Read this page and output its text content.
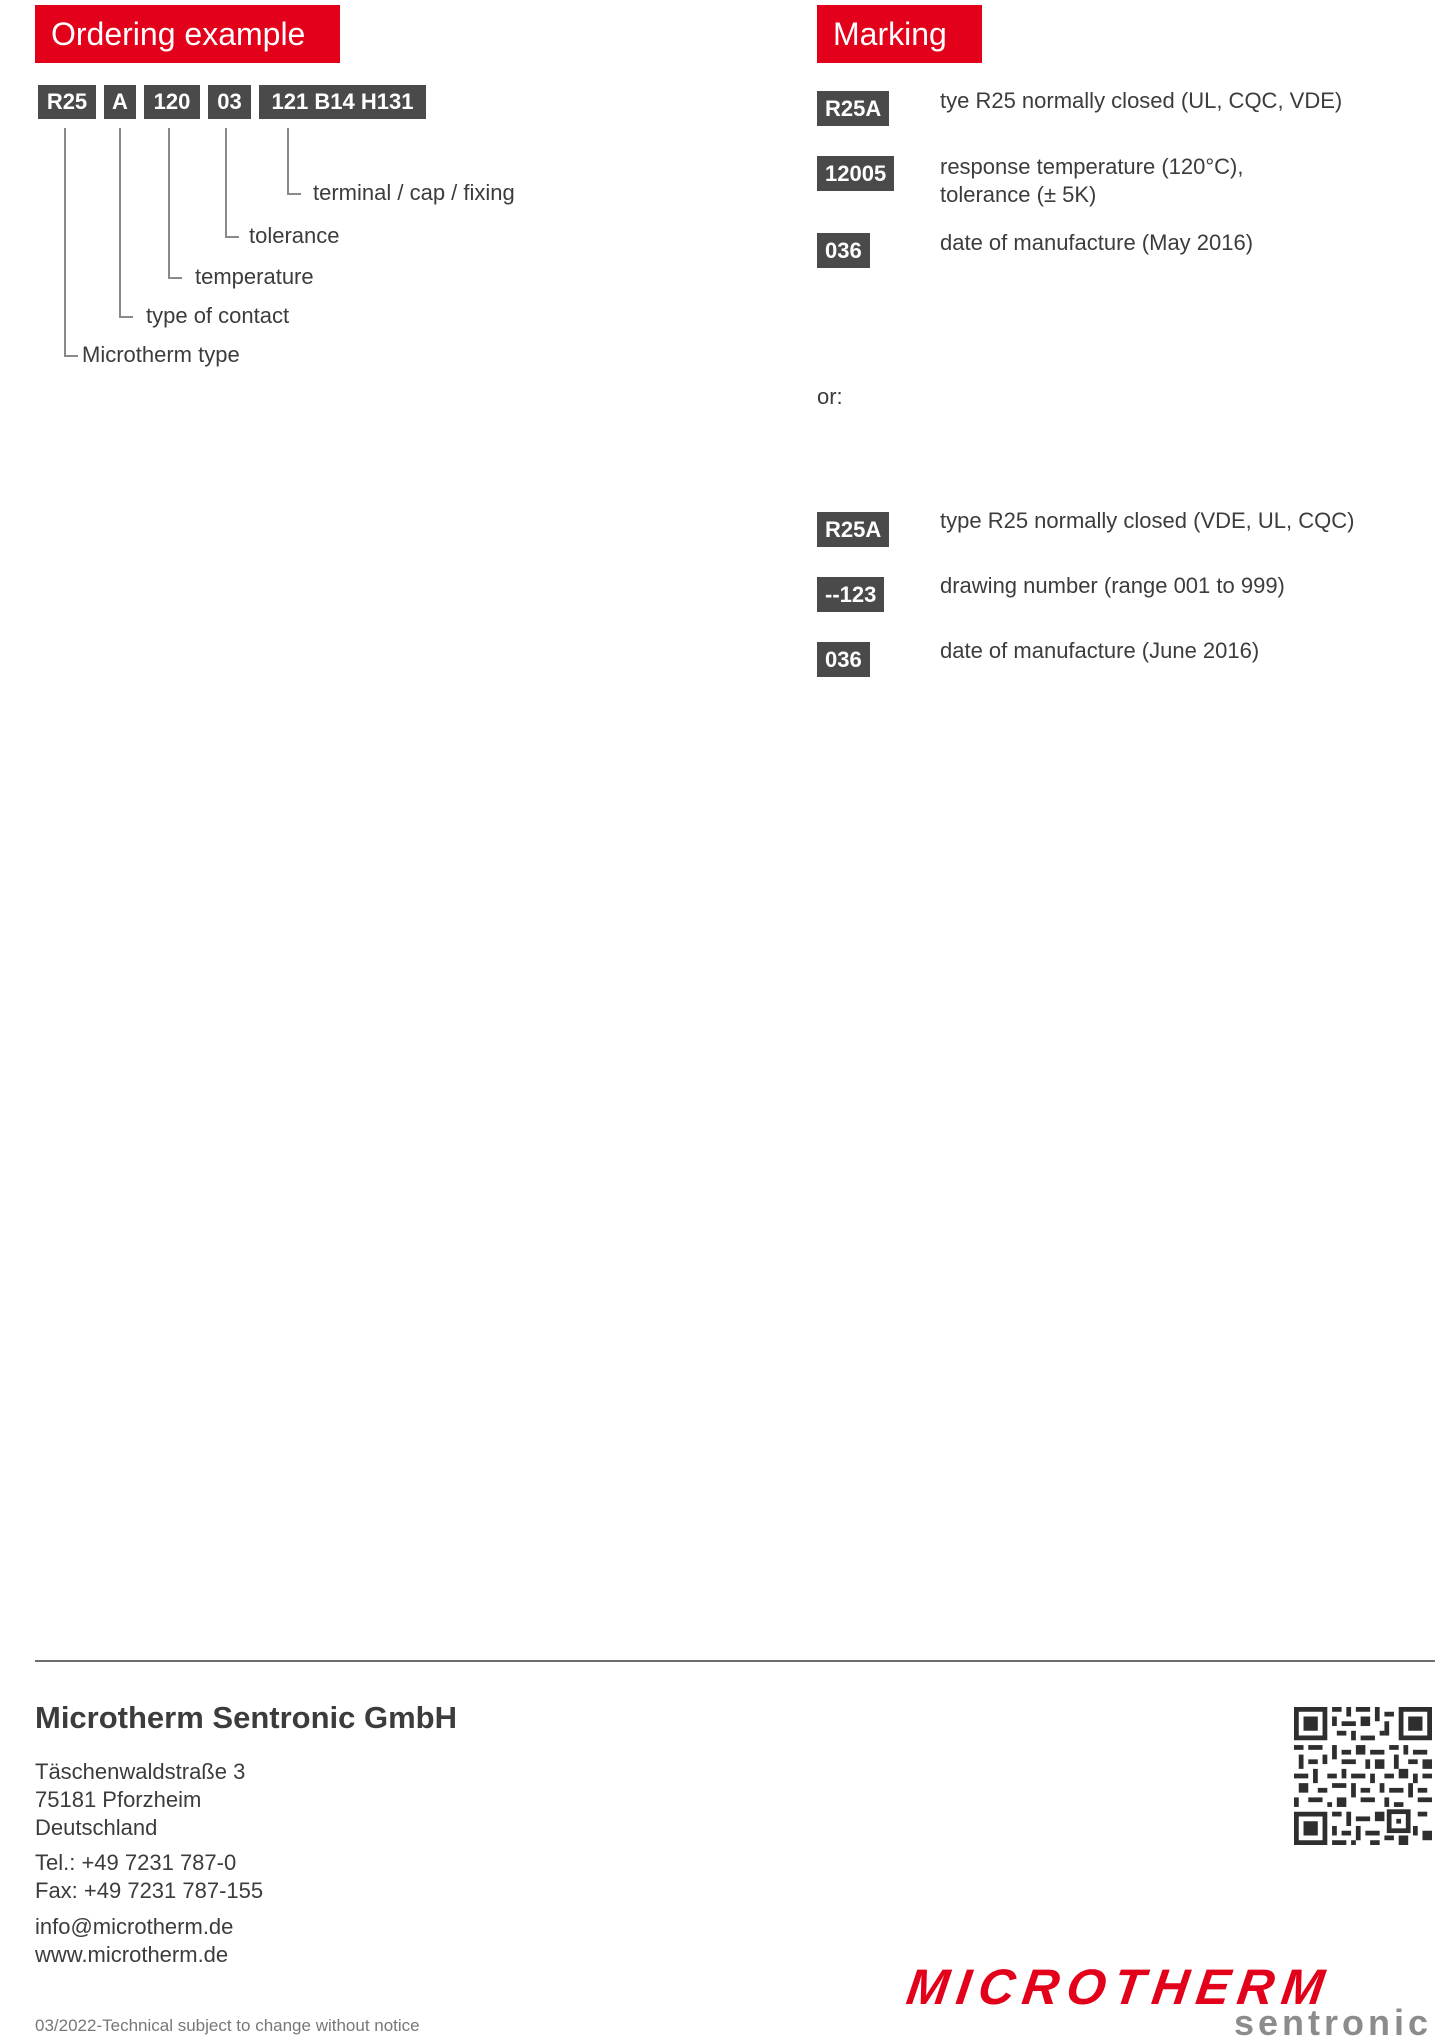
Ordering example
R25	A	120	03	121 B14 H131
terminal / cap / fixing
tolerance
temperature
type of contact
Microtherm type
Marking
R25A	tye R25 normally closed (UL, CQC, VDE)
12005	response temperature (120°C),
tolerance (± 5K)
036	date of manufacture (May 2016)
or:
R25A	type R25 normally closed (VDE, UL, CQC)
--123	drawing number (range 001 to 999)
036	date of manufacture (June 2016)
Microtherm Sentronic GmbH
Täschenwaldstraße 3
75181 Pforzheim
Deutschland
Tel.: +49 7231 787-0
Fax: +49 7231 787-155
info@microtherm.de
www.microtherm.de
03/2022-Technical subject to change without notice
MICROTHERM
sentronic
